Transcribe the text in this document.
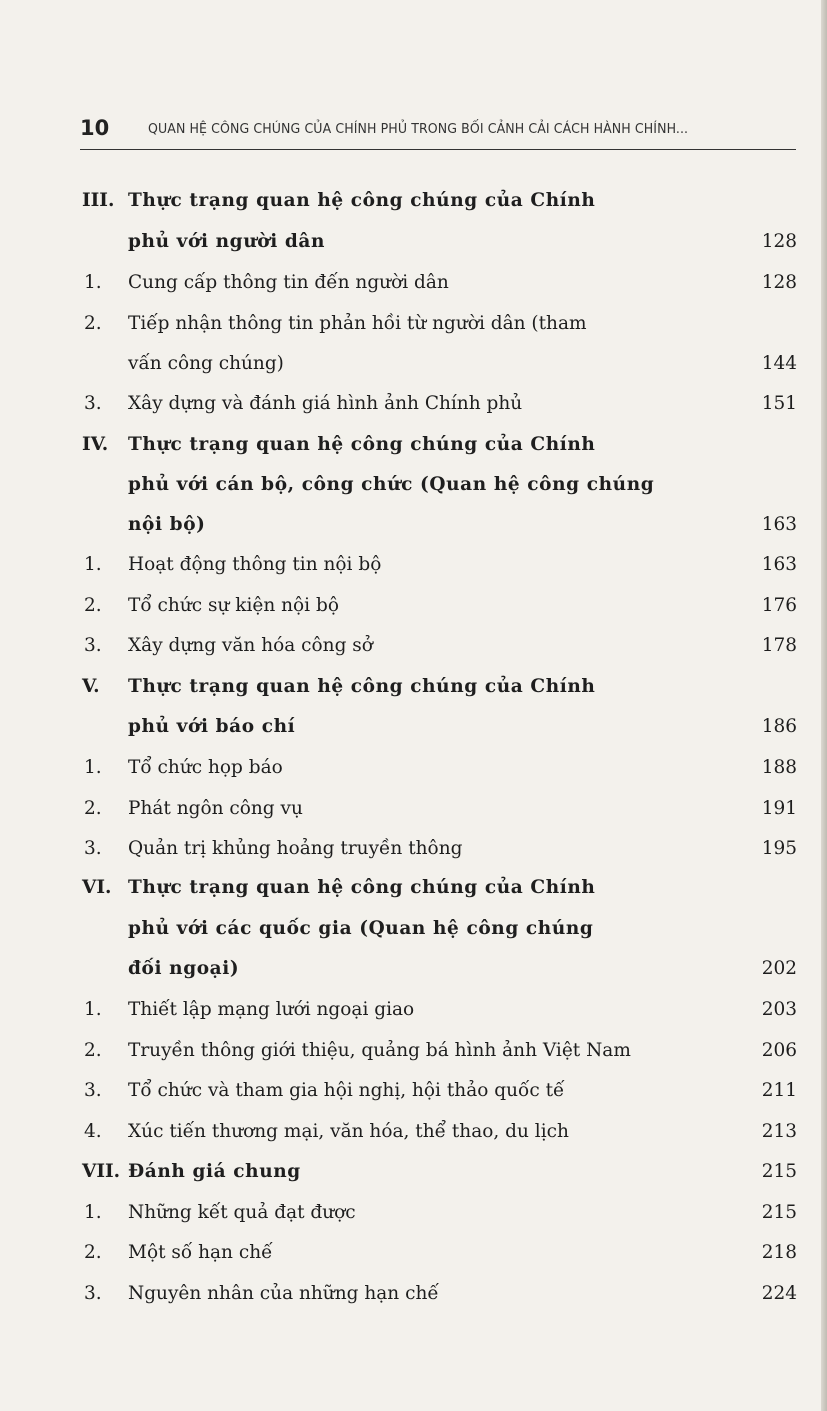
10	QUAN HỆ CÔNG CHÚNG CỦA CHÍNH PHỦ TRONG BỐI CẢNH CẢI CÁCH HÀNH CHÍNH...
III. Thực trạng quan hệ công chúng của Chính
phủ với người dân	128
1. Cung cấp thông tin đến người dân	128
2. Tiếp nhận thông tin phản hồi từ người dân (tham
vấn công chúng)	144
3. Xây dựng và đánh giá hình ảnh Chính phủ	151
IV. Thực trạng quan hệ công chúng của Chính
phủ với cán bộ, công chức (Quan hệ công chúng
nội bộ)	163
1. Hoạt động thông tin nội bộ	163
2. Tổ chức sự kiện nội bộ	176
3. Xây dựng văn hóa công sở	178
V. Thực trạng quan hệ công chúng của Chính
phủ với báo chí	186
1. Tổ chức họp báo	188
2. Phát ngôn công vụ	191
3. Quản trị khủng hoảng truyền thông	195
VI. Thực trạng quan hệ công chúng của Chính
phủ với các quốc gia (Quan hệ công chúng
đối ngoại)	202
1. Thiết lập mạng lưới ngoại giao	203
2. Truyền thông giới thiệu, quảng bá hình ảnh Việt Nam	206
3. Tổ chức và tham gia hội nghị, hội thảo quốc tế	211
4. Xúc tiến thương mại, văn hóa, thể thao, du lịch	213
VII. Đánh giá chung	215
1. Những kết quả đạt được	215
2. Một số hạn chế	218
3. Nguyên nhân của những hạn chế	224
